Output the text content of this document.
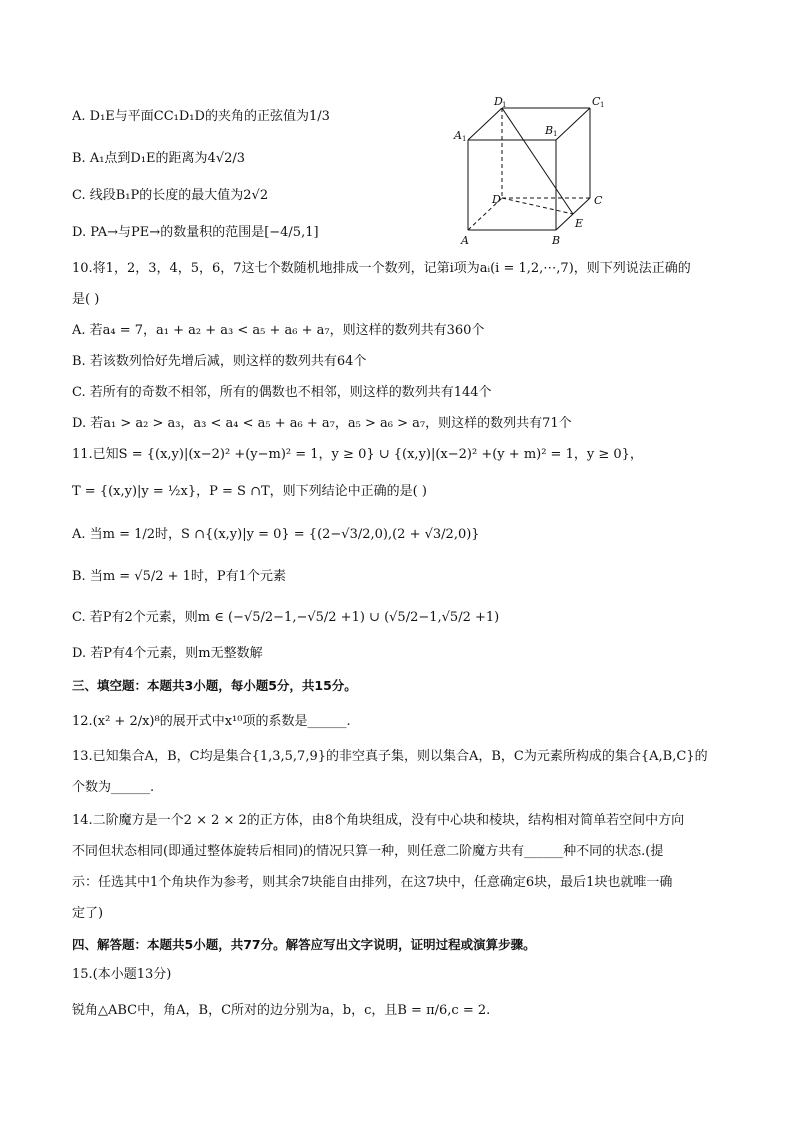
A. D₁E与平面CC₁D₁D的夹角的正弦值为1/3
B. A₁点到D₁E的距离为4√2/3
C. 线段B₁P的长度的最大值为2√2
D. PA→与PE→的数量积的范围是[−4/5,1]
D 1	C 1
A 1
B 1
D	C
A	B
E
10.将1，2，3，4，5，6，7这七个数随机地排成一个数列，记第i项为aᵢ(i = 1,2,⋯,7)，则下列说法正确的
是( )
A. 若a₄ = 7，a₁ + a₂ + a₃ < a₅ + a₆ + a₇，则这样的数列共有360个
B. 若该数列恰好先增后减，则这样的数列共有64个
C. 若所有的奇数不相邻，所有的偶数也不相邻，则这样的数列共有144个
D. 若a₁ > a₂ > a₃，a₃ < a₄ < a₅ + a₆ + a₇，a₅ > a₆ > a₇，则这样的数列共有71个
11.已知S = {(x,y)|(x−2)² +(y−m)² = 1，y ≥ 0} ∪ {(x,y)|(x−2)² +(y + m)² = 1，y ≥ 0}，
T = {(x,y)|y = ½x}，P = S ∩T，则下列结论中正确的是( )
A. 当m = 1/2时，S ∩{(x,y)|y = 0} = {(2−√3/2,0),(2 + √3/2,0)}
B. 当m = √5/2 + 1时，P有1个元素
C. 若P有2个元素，则m ∈ (−√5/2−1,−√5/2 +1) ∪ (√5/2−1,√5/2 +1)
D. 若P有4个元素，则m无整数解
三、填空题：本题共3小题，每小题5分，共15分。
12.(x² + 2/x)⁸的展开式中x¹⁰项的系数是______.
13.已知集合A，B，C均是集合{1,3,5,7,9}的非空真子集，则以集合A，B，C为元素所构成的集合{A,B,C}的
个数为______.
14.二阶魔方是一个2 × 2 × 2的正方体，由8个角块组成，没有中心块和棱块，结构相对简单若空间中方向
不同但状态相同(即通过整体旋转后相同)的情况只算一种，则任意二阶魔方共有______种不同的状态.(提
示：任选其中1个角块作为参考，则其余7块能自由排列，在这7块中，任意确定6块，最后1块也就唯一确
定了)
四、解答题：本题共5小题，共77分。解答应写出文字说明，证明过程或演算步骤。
15.(本小题13分)
锐角△ABC中，角A，B，C所对的边分别为a，b，c，且B = π/6,c = 2.
